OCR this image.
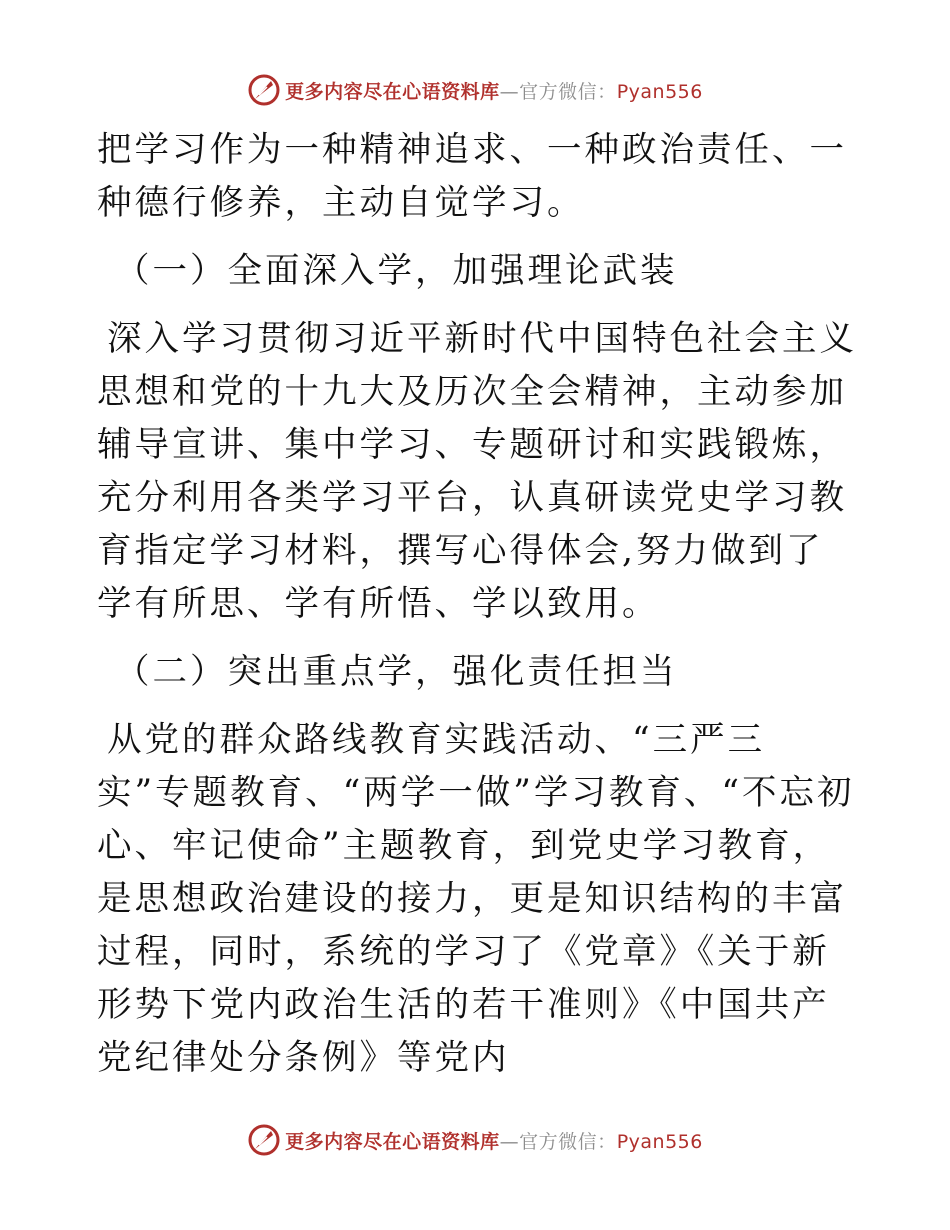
更多内容尽在心语资料库—官方微信：Pyan556

把学习作为一种精神追求、一种政治责任、一种德行修养，主动自觉学习。

（一）全面深入学，加强理论武装

深入学习贯彻习近平新时代中国特色社会主义思想和党的十九大及历次全会精神，主动参加辅导宣讲、集中学习、专题研讨和实践锻炼，充分利用各类学习平台，认真研读党史学习教育指定学习材料，撰写心得体会,努力做到了学有所思、学有所悟、学以致用。

（二）突出重点学，强化责任担当

从党的群众路线教育实践活动、“三严三实”专题教育、“两学一做”学习教育、“不忘初心、牢记使命”主题教育，到党史学习教育，是思想政治建设的接力，更是知识结构的丰富过程，同时，系统的学习了《党章》《关于新形势下党内政治生活的若干准则》《中国共产党纪律处分条例》等党内

更多内容尽在心语资料库—官方微信：Pyan556
